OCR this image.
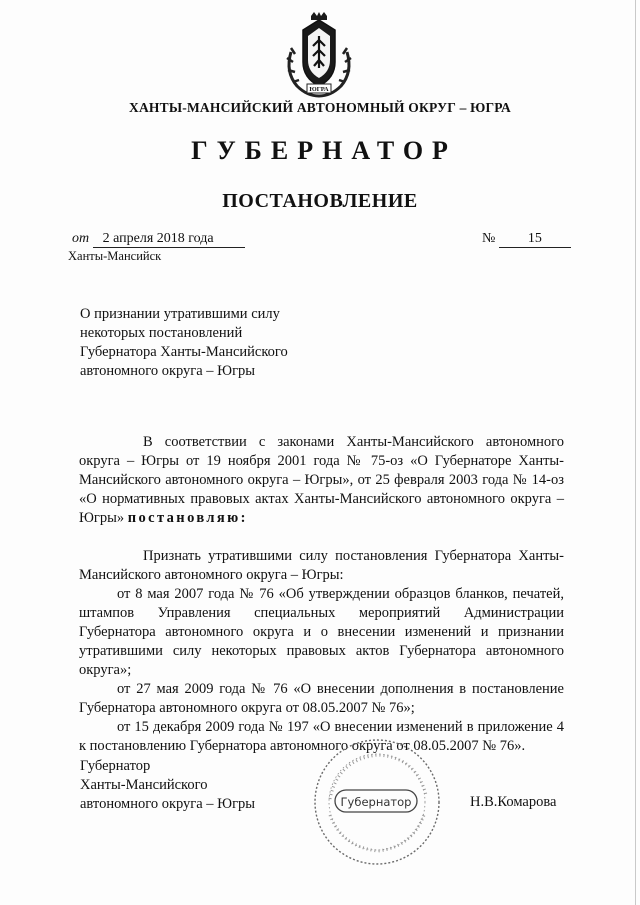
ЮГРА
ХАНТЫ-МАНСИЙСКИЙ АВТОНОМНЫЙ ОКРУГ – ЮГРА
ГУБЕРНАТОР
ПОСТАНОВЛЕНИЕ
от 2 апреля 2018 года	№ 15
Ханты-Мансийск
О признании утратившими силу
некоторых постановлений
Губернатора Ханты-Мансийского
автономного округа – Югры

В соответствии с законами Ханты-Мансийского автономного округа – Югры от 19 ноября 2001 года № 75-оз «О Губернаторе Ханты-Мансийского автономного округа – Югры», от 25 февраля 2003 года № 14-оз «О нормативных правовых актах Ханты-Мансийского автономного округа – Югры» постановляю:

Признать утратившими силу постановления Губернатора Ханты-Мансийского автономного округа – Югры:

от 8 мая 2007 года № 76 «Об утверждении образцов бланков, печатей, штампов Управления специальных мероприятий Администрации Губернатора автономного округа и о внесении изменений и признании утратившими силу некоторых правовых актов Губернатора автономного округа»;

от 27 мая 2009 года № 76 «О внесении дополнения в постановление Губернатора автономного округа от 08.05.2007 № 76»;

от 15 декабря 2009 года № 197 «О внесении изменений в приложение 4 к постановлению Губернатора автономного округа от 08.05.2007 № 76».

Губернатор
Ханты-Мансийского
автономного округа – Югры	Губернатор	Н.В.Комарова
